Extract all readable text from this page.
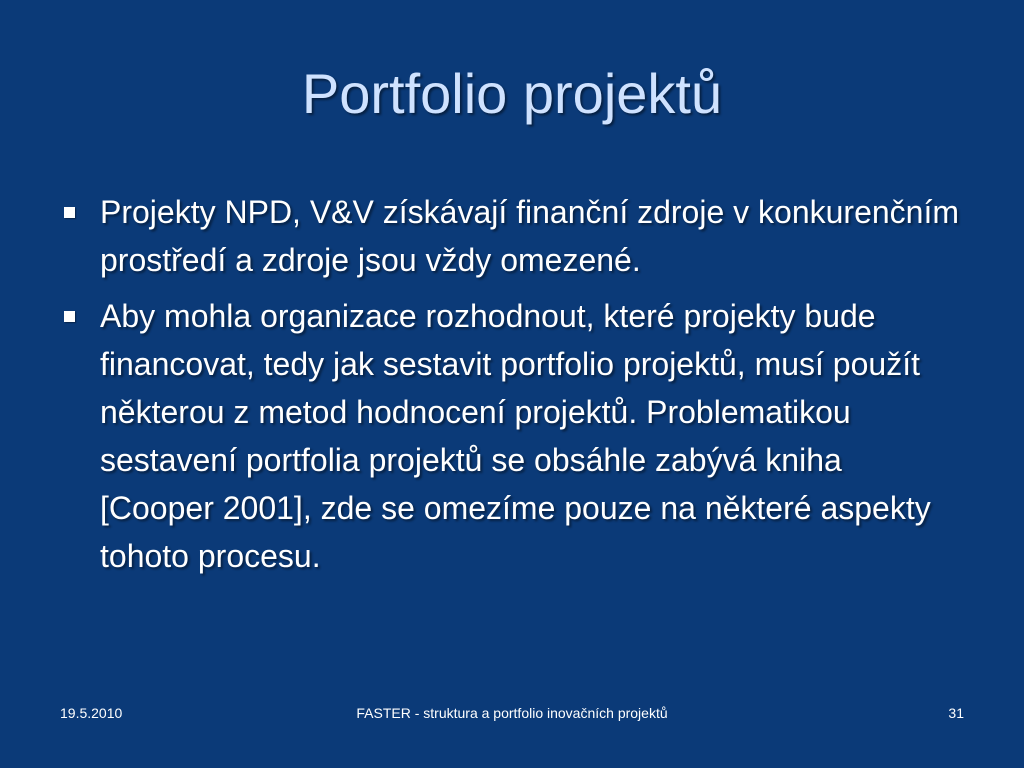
Portfolio projektů
Projekty NPD, V&V získávají finanční zdroje v konkurenčním prostředí a zdroje jsou vždy omezené.
Aby mohla organizace rozhodnout, které projekty bude financovat, tedy jak sestavit portfolio projektů, musí použít některou z metod hodnocení projektů. Problematikou sestavení portfolia projektů se obsáhle zabývá kniha [Cooper 2001], zde se omezíme pouze na některé aspekty tohoto procesu.
19.5.2010	FASTER - struktura a portfolio inovačních projektů	31
